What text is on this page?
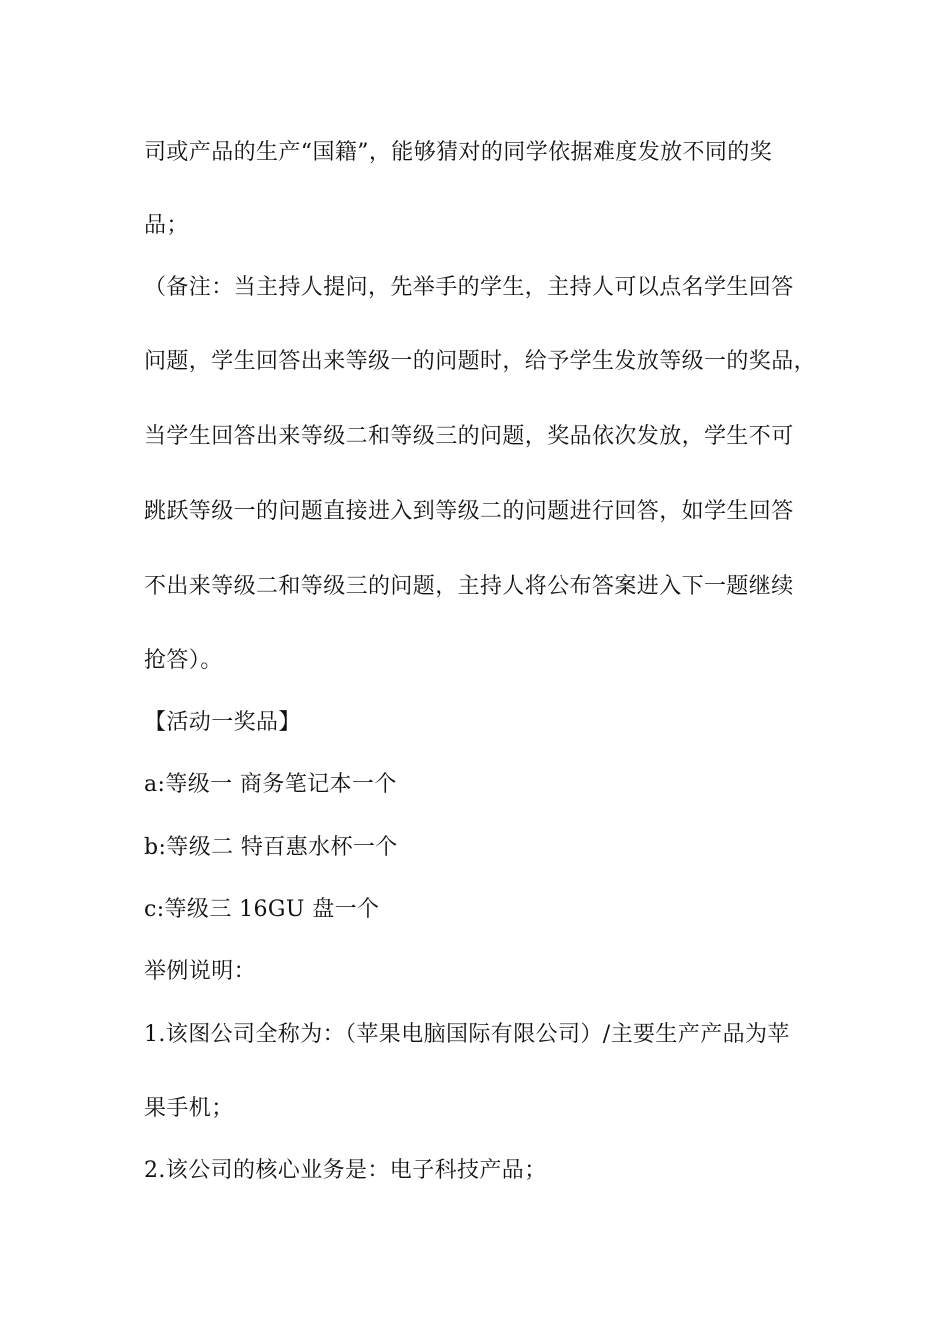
司或产品的生产“国籍”，能够猜对的同学依据难度发放不同的奖
品；
（备注：当主持人提问，先举手的学生，主持人可以点名学生回答
问题，学生回答出来等级一的问题时，给予学生发放等级一的奖品，
当学生回答出来等级二和等级三的问题，奖品依次发放，学生不可
跳跃等级一的问题直接进入到等级二的问题进行回答，如学生回答
不出来等级二和等级三的问题，主持人将公布答案进入下一题继续
抢答）。
【活动一奖品】
a:等级一 商务笔记本一个
b:等级二 特百惠水杯一个
c:等级三 16GU 盘一个
举例说明：
1.该图公司全称为：（苹果电脑国际有限公司）/主要生产产品为苹
果手机；
2.该公司的核心业务是：电子科技产品；
